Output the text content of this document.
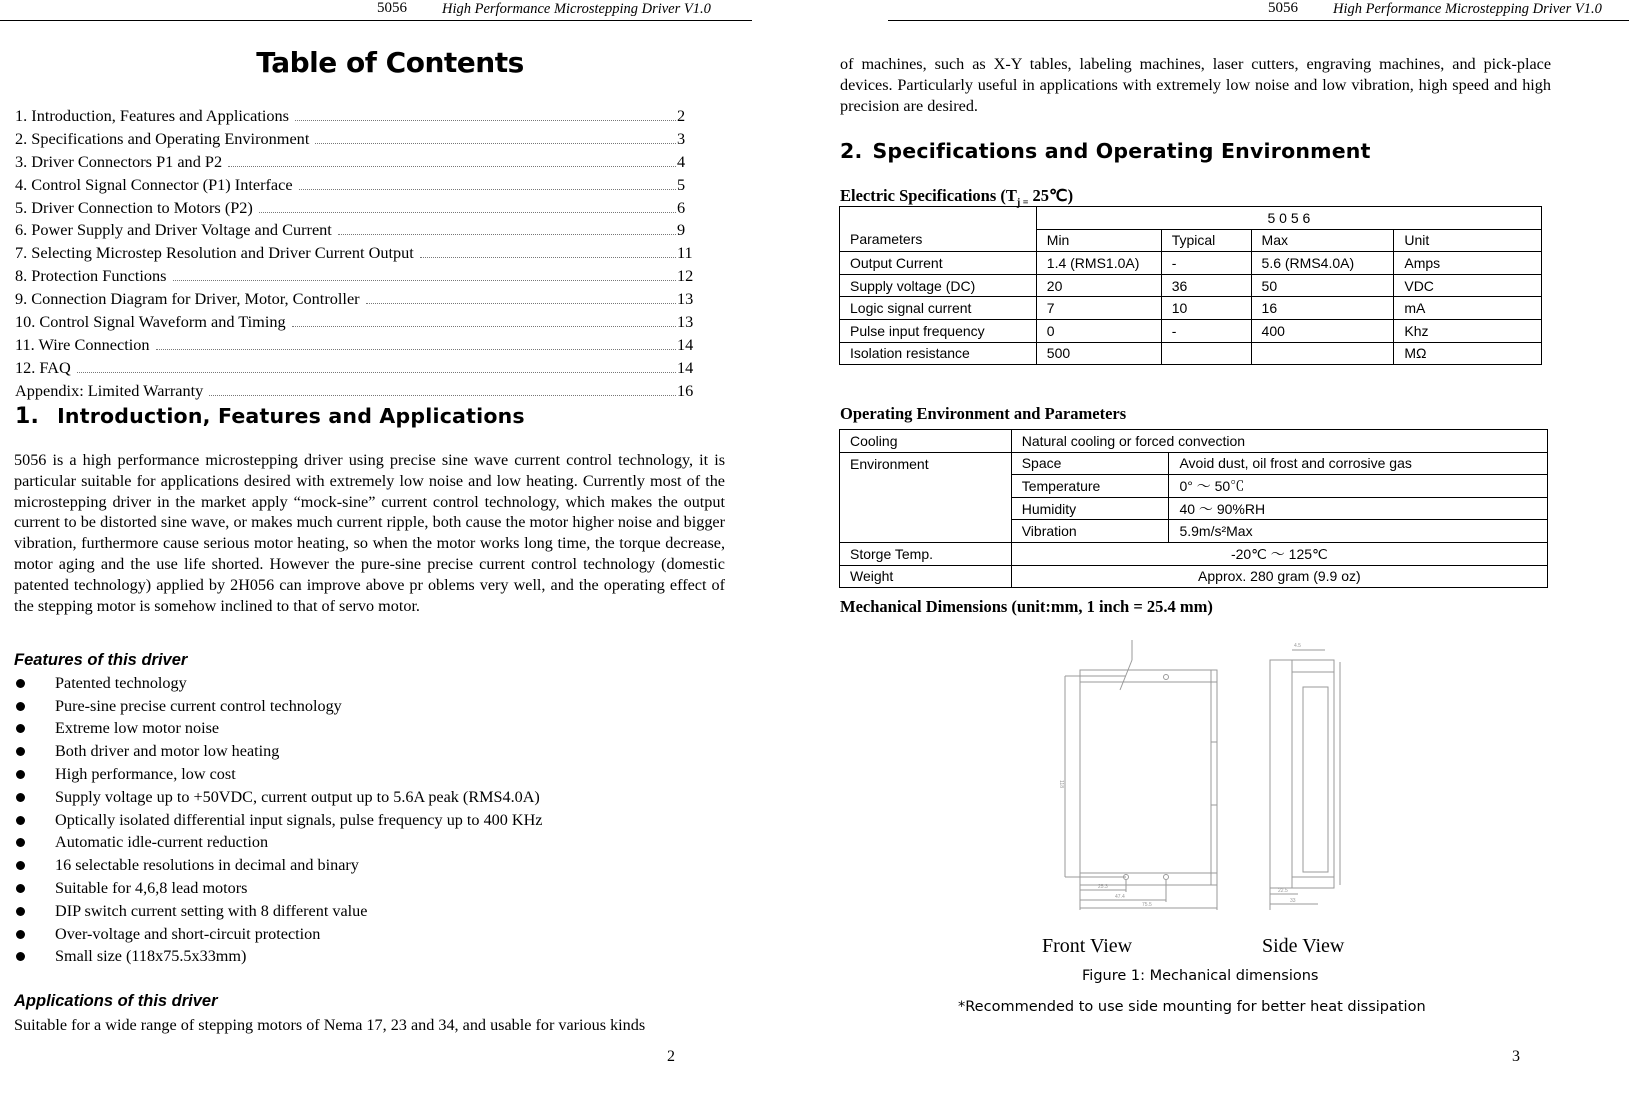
5056 High Performance Microstepping Driver V1.0
Table of Contents
1. Introduction, Features and Applications	2
2. Specifications and Operating Environment	3
3. Driver Connectors P1 and P2	4
4. Control Signal Connector (P1) Interface	5
5. Driver Connection to Motors (P2)	6
6. Power Supply and Driver Voltage and Current	9
7. Selecting Microstep Resolution and Driver Current Output	11
8. Protection Functions	12
9. Connection Diagram for Driver, Motor, Controller	13
10. Control Signal Waveform and Timing	13
11. Wire Connection	14
12. FAQ	14
Appendix: Limited Warranty	16
1. Introduction, Features and Applications
5056 is a high performance microstepping driver using precise sine wave current control technology, it is particular suitable for applications desired with extremely low noise and low heating. Currently most of the microstepping driver in the market apply “mock-sine” current control technology, which makes the output current to be distorted sine wave, or makes much current ripple, both cause the motor higher noise and bigger vibration, furthermore cause serious motor heating, so when the motor works long time, the torque decrease, motor aging and the use life shorted. However the pure-sine precise current control technology (domestic patented technology) applied by 2H056 can improve above pr oblems very well, and the operating effect of the stepping motor is somehow inclined to that of servo motor.
Features of this driver
Patented technology
Pure-sine precise current control technology
Extreme low motor noise
Both driver and motor low heating
High performance, low cost
Supply voltage up to +50VDC, current output up to 5.6A peak (RMS4.0A)
Optically isolated differential input signals, pulse frequency up to 400 KHz
Automatic idle-current reduction
16 selectable resolutions in decimal and binary
Suitable for 4,6,8 lead motors
DIP switch current setting with 8 different value
Over-voltage and short-circuit protection
Small size (118x75.5x33mm)
Applications of this driver
Suitable for a wide range of stepping motors of Nema 17, 23 and 34, and usable for various kinds
2
5056 High Performance Microstepping Driver V1.0
of machines, such as X-Y tables, labeling machines, laser cutters, engraving machines, and pick-place devices. Particularly useful in applications with extremely low noise and low vibration, high speed and high precision are desired.
2. Specifications and Operating Environment
Electric Specifications ($T_{j =}$ 25℃)
Parameters	5 0 5 6			
	Min	Typical	Max	Unit
Output Current	1.4 (RMS1.0A)	-	5.6 (RMS4.0A)	Amps
Supply voltage (DC)	20	36	50	VDC
Logic signal current	7	10	16	mA
Pulse input frequency	0	-	400	Khz
Isolation resistance	500			MΩ
Operating Environment and Parameters
Cooling	Natural cooling or forced convection	
Environment	Space	Avoid dust, oil frost and corrosive gas
	Temperature	0° ～ 50℃
	Humidity	40 ～ 90%RH
	Vibration	5.9m/s²Max
Storge Temp.	-20℃ ～ 125℃	
Weight	Approx. 280 gram (9.9 oz)	
Mechanical Dimensions (unit:mm, 1 inch = 25.4 mm)
25.3
47.4
75.5
118
4.5
22.5
33
Front View	Side View
Figure 1: Mechanical dimensions
*Recommended to use side mounting for better heat dissipation
3
